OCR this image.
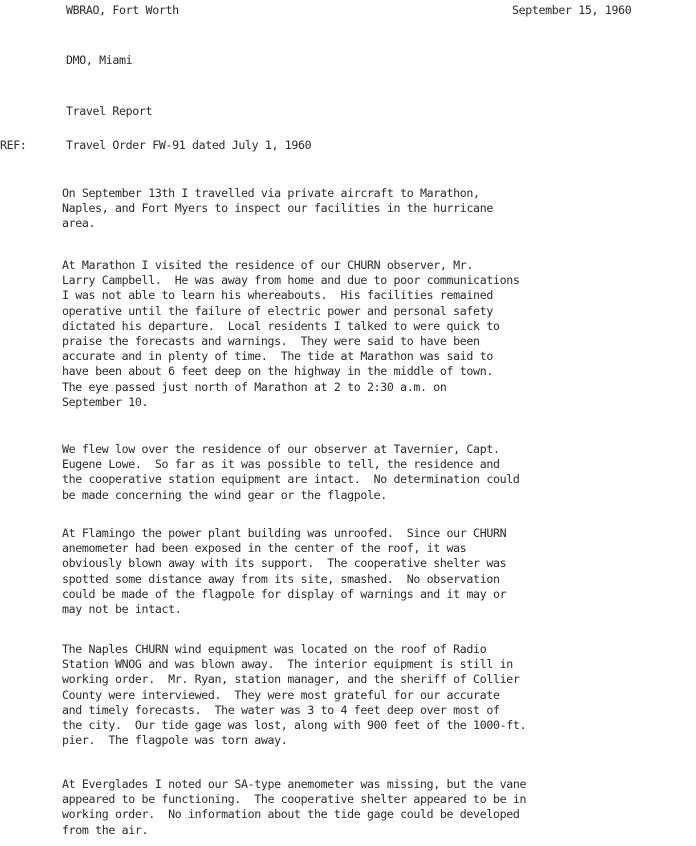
WBRAO, Fort Worth	September 15, 1960
DMO, Miami
Travel Report
REF:	Travel Order FW-91 dated July 1, 1960
On September 13th I travelled via private aircraft to Marathon,
Naples, and Fort Myers to inspect our facilities in the hurricane
area.
At Marathon I visited the residence of our CHURN observer, Mr.
Larry Campbell.  He was away from home and due to poor communications
I was not able to learn his whereabouts.  His facilities remained
operative until the failure of electric power and personal safety
dictated his departure.  Local residents I talked to were quick to
praise the forecasts and warnings.  They were said to have been
accurate and in plenty of time.  The tide at Marathon was said to
have been about 6 feet deep on the highway in the middle of town.
The eye passed just north of Marathon at 2 to 2:30 a.m. on
September 10.
We flew low over the residence of our observer at Tavernier, Capt.
Eugene Lowe.  So far as it was possible to tell, the residence and
the cooperative station equipment are intact.  No determination could
be made concerning the wind gear or the flagpole.
At Flamingo the power plant building was unroofed.  Since our CHURN
anemometer had been exposed in the center of the roof, it was
obviously blown away with its support.  The cooperative shelter was
spotted some distance away from its site, smashed.  No observation
could be made of the flagpole for display of warnings and it may or
may not be intact.
The Naples CHURN wind equipment was located on the roof of Radio
Station WNOG and was blown away.  The interior equipment is still in
working order.  Mr. Ryan, station manager, and the sheriff of Collier
County were interviewed.  They were most grateful for our accurate
and timely forecasts.  The water was 3 to 4 feet deep over most of
the city.  Our tide gage was lost, along with 900 feet of the 1000-ft.
pier.  The flagpole was torn away.
At Everglades I noted our SA-type anemometer was missing, but the vane
appeared to be functioning.  The cooperative shelter appeared to be in
working order.  No information about the tide gage could be developed
from the air.
